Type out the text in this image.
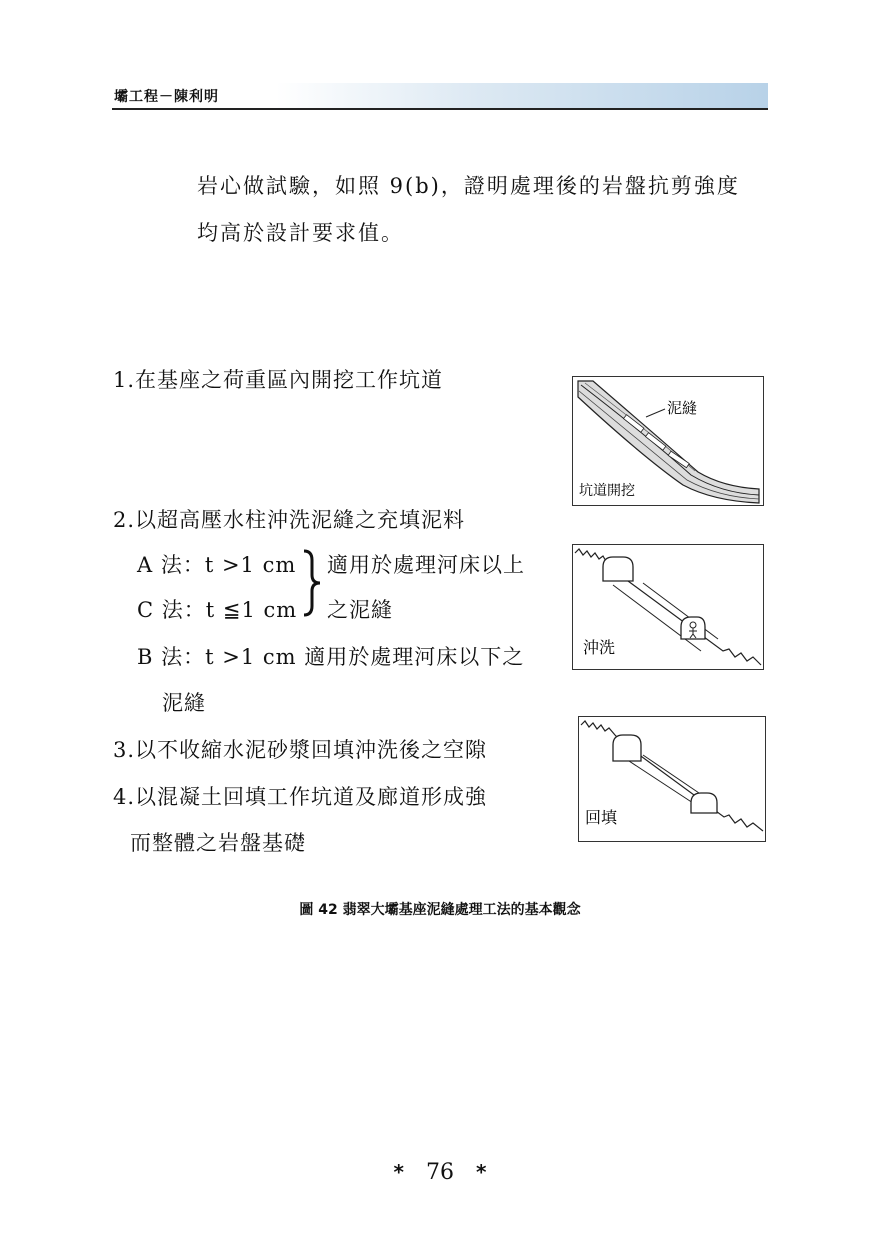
壩工程－陳利明
岩心做試驗，如照 9(b)，證明處理後的岩盤抗剪強度
均高於設計要求值。
1.在基座之荷重區內開挖工作坑道
2.以超高壓水柱沖洗泥縫之充填泥料
A 法：t >1 cm
C 法：t ≦1 cm
適用於處理河床以上
之泥縫
B 法：t >1 cm 適用於處理河床以下之
泥縫
3.以不收縮水泥砂漿回填沖洗後之空隙
4.以混凝土回填工作坑道及廊道形成強
而整體之岩盤基礎
泥縫
坑道開挖
沖洗
回填
圖 42 翡翠大壩基座泥縫處理工法的基本觀念
* 76 *
